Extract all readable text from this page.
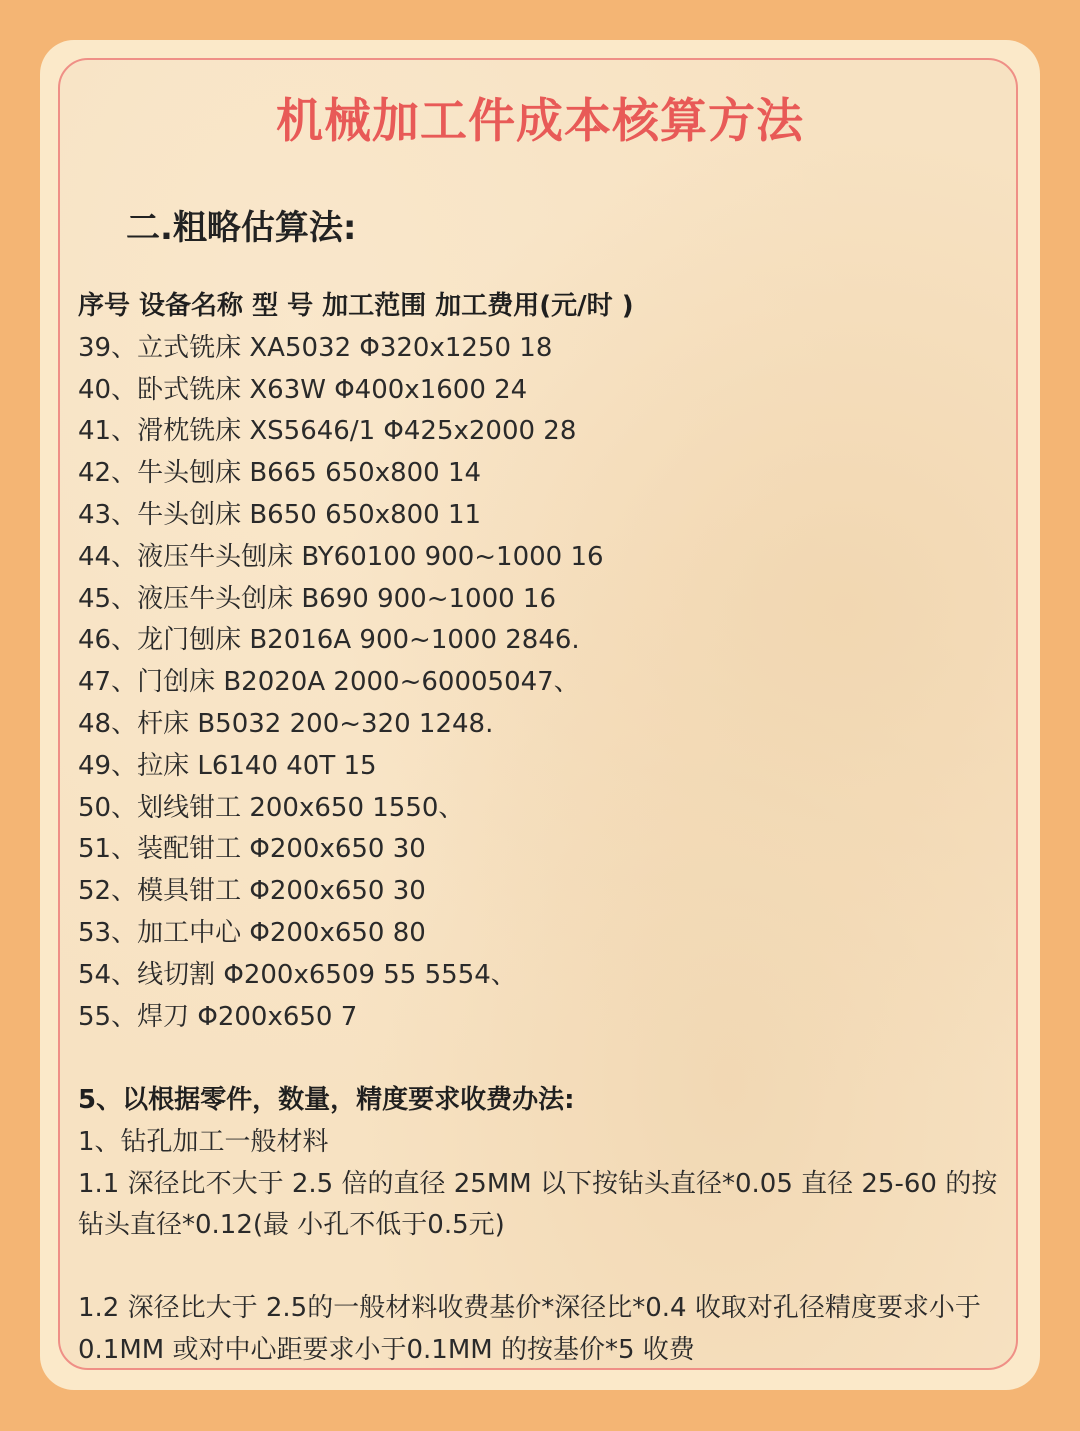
机械加工件成本核算方法
二.粗略估算法:
序号 设备名称 型 号 加工范围 加工费用(元/时 )
39、立式铣床 XA5032 Φ320x1250 18
40、卧式铣床 X63W Φ400x1600 24
41、滑枕铣床 XS5646/1 Φ425x2000 28
42、牛头刨床 B665 650x800 14
43、牛头创床 B650 650x800 11
44、液压牛头刨床 BY60100 900~1000 16
45、液压牛头创床 B690 900~1000 16
46、龙门刨床 B2016A 900~1000 2846.
47、门创床 B2020A 2000~60005047、
48、杆床 B5032 200~320 1248.
49、拉床 L6140 40T 15
50、划线钳工 200x650 1550、
51、装配钳工 Φ200x650 30
52、模具钳工 Φ200x650 30
53、加工中心 Φ200x650 80
54、线切割 Φ200x6509 55 5554、
55、焊刀 Φ200x650 7
5、以根据零件，数量，精度要求收费办法:
1、钻孔加工一般材料
1.1 深径比不大于 2.5 倍的直径 25MM 以下按钻头直径*0.05 直径 25-60 的按钻头直径*0.12(最 小孔不低于0.5元)
1.2 深径比大于 2.5的一般材料收费基价*深径比*0.4 收取对孔径精度要求小于 0.1MM 或对中心距要求小于0.1MM 的按基价*5 收费
